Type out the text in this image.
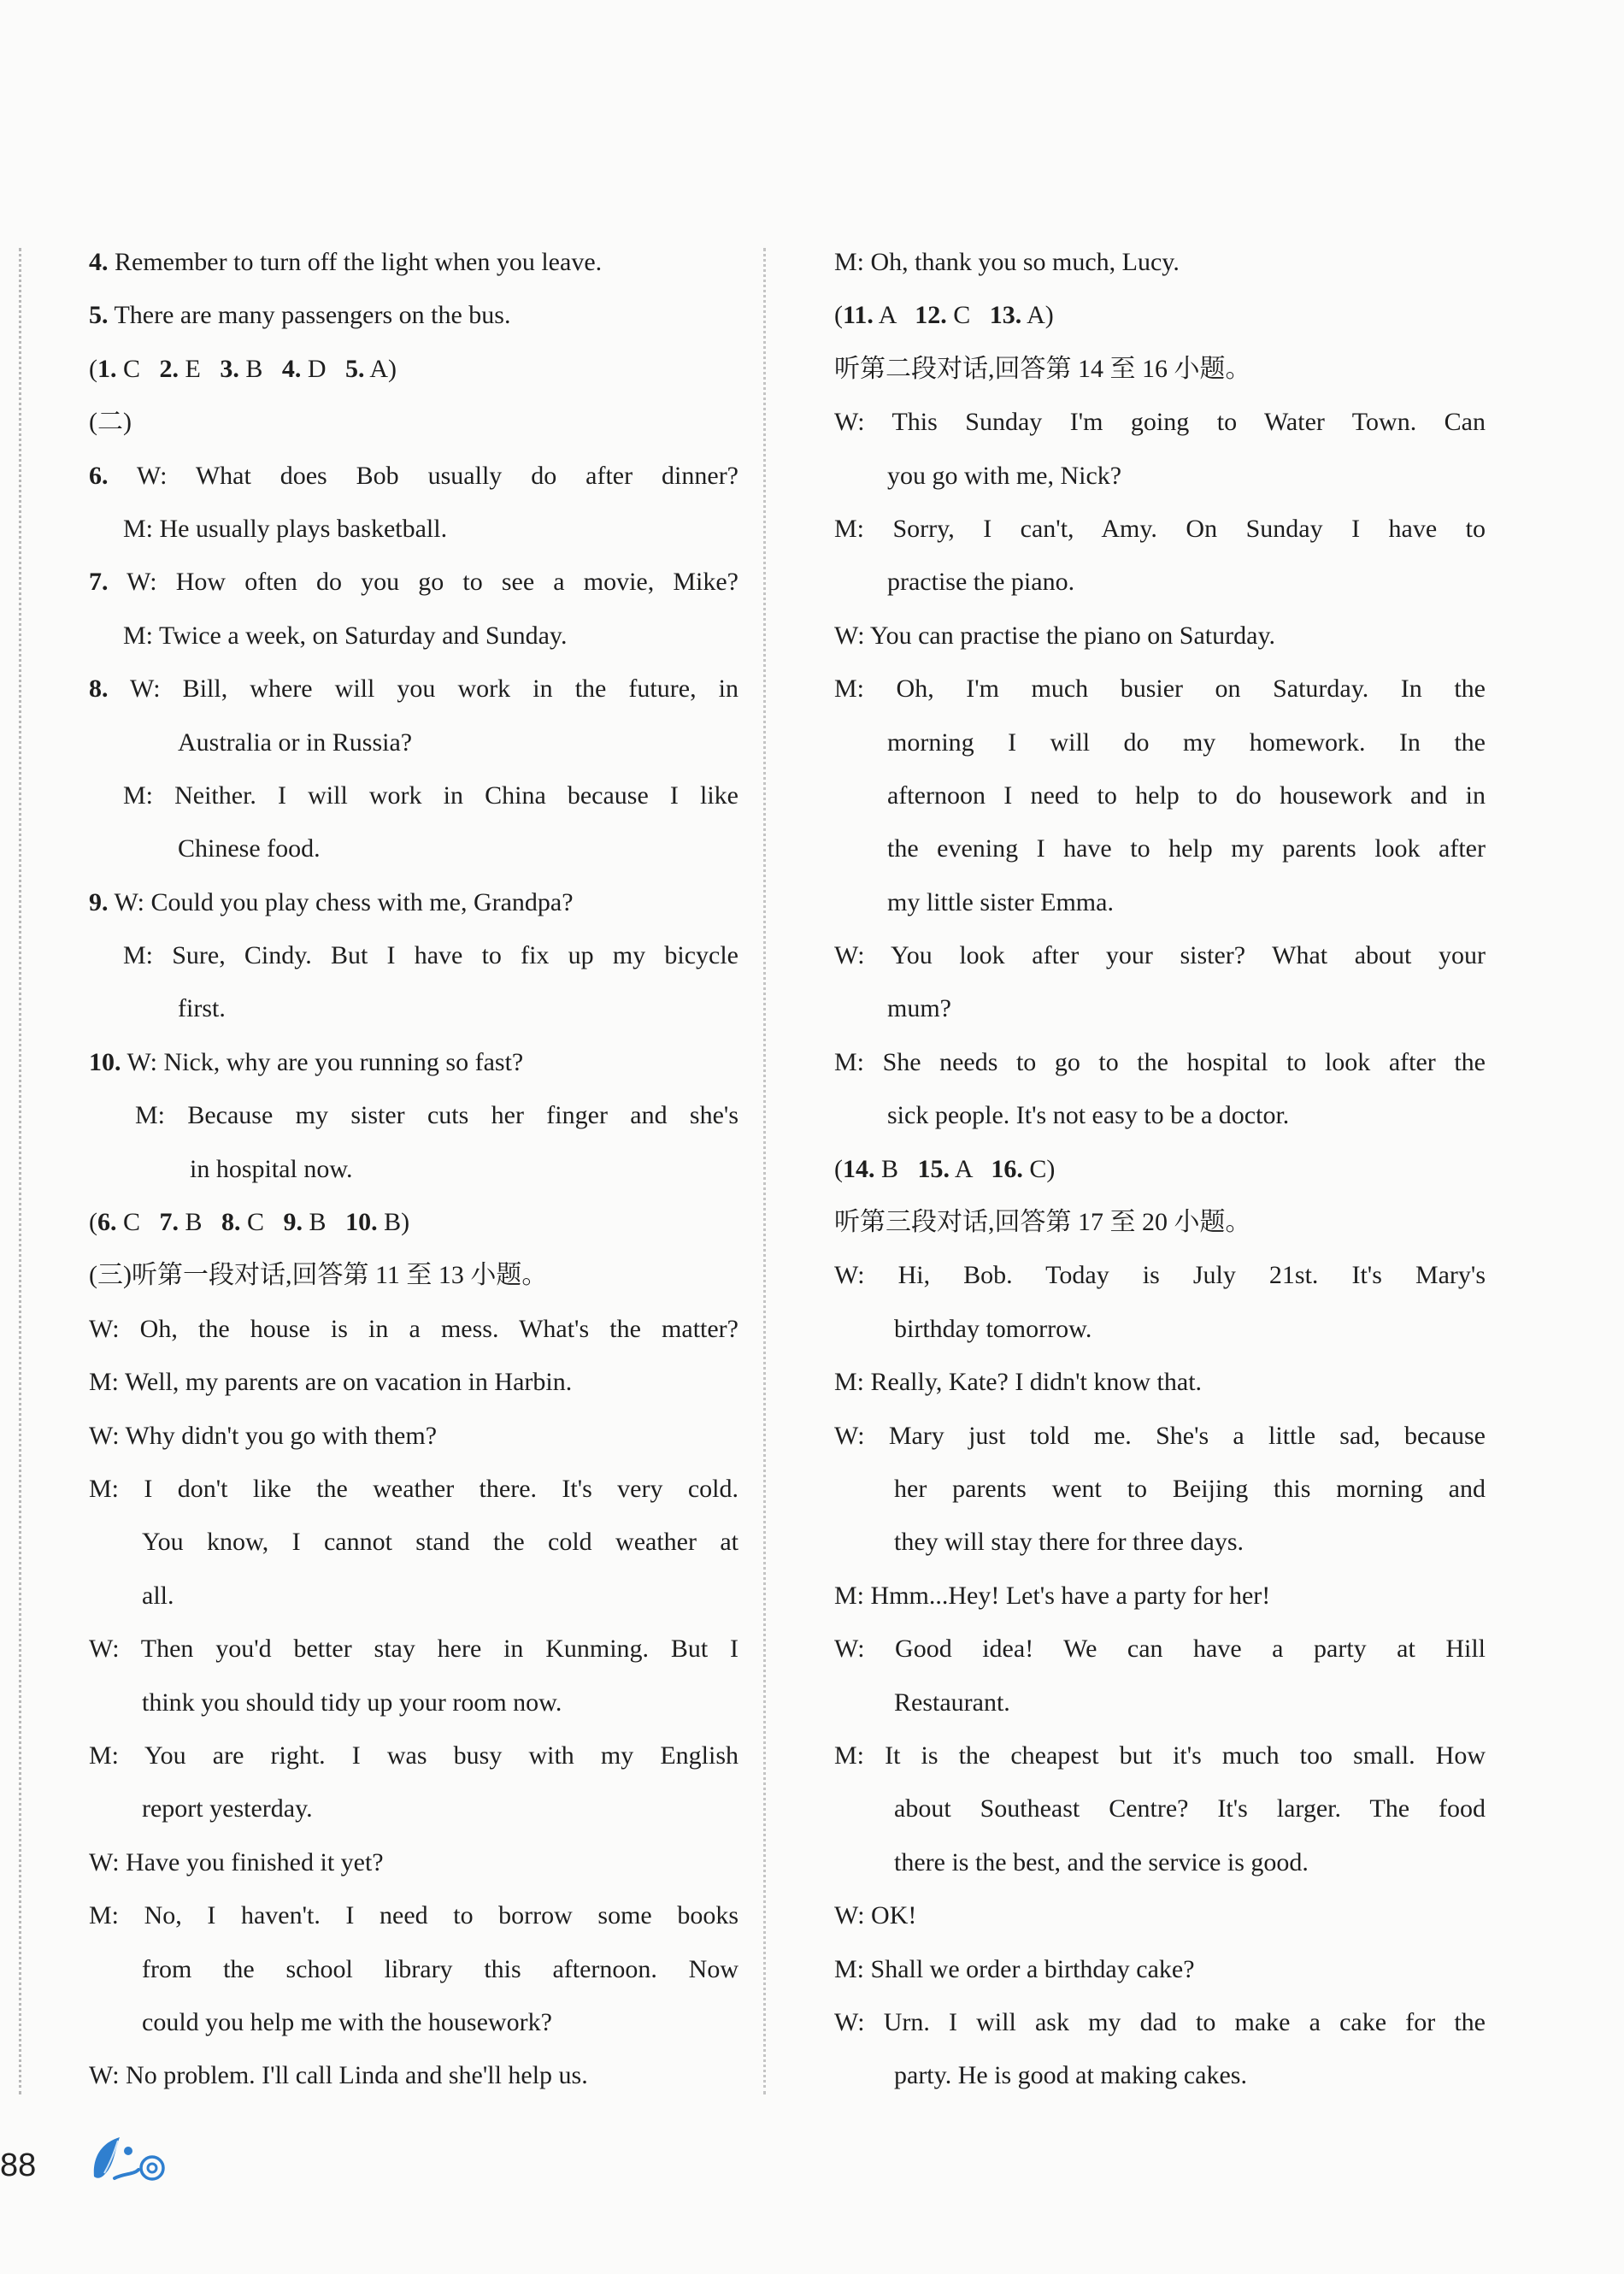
4. Remember to turn off the light when you leave.
5. There are many passengers on the bus.
(1. C   2. E   3. B   4. D   5. A)
(二)
6. W: What does Bob usually do after dinner?
M: He usually plays basketball.
7. W: How often do you go to see a movie, Mike?
M: Twice a week, on Saturday and Sunday.
8. W: Bill, where will you work in the future, in
Australia or in Russia?
M: Neither. I will work in China because I like
Chinese food.
9. W: Could you play chess with me, Grandpa?
M: Sure, Cindy. But I have to fix up my bicycle
first.
10. W: Nick, why are you running so fast?
M: Because my sister cuts her finger and she's
in hospital now.
(6. C   7. B   8. C   9. B   10. B)
(三)听第一段对话,回答第 11 至 13 小题。
W: Oh, the house is in a mess. What's the matter?
M: Well, my parents are on vacation in Harbin.
W: Why didn't you go with them?
M: I don't like the weather there. It's very cold.
You know, I cannot stand the cold weather at
all.
W: Then you'd better stay here in Kunming. But I
think you should tidy up your room now.
M: You are right. I was busy with my English
report yesterday.
W: Have you finished it yet?
M: No, I haven't. I need to borrow some books
from the school library this afternoon. Now
could you help me with the housework?
W: No problem. I'll call Linda and she'll help us.
M: Oh, thank you so much, Lucy.
(11. A   12. C   13. A)
听第二段对话,回答第 14 至 16 小题。
W: This Sunday I'm going to Water Town. Can
you go with me, Nick?
M: Sorry, I can't, Amy. On Sunday I have to
practise the piano.
W: You can practise the piano on Saturday.
M: Oh, I'm much busier on Saturday. In the
morning I will do my homework. In the
afternoon I need to help to do housework and in
the evening I have to help my parents look after
my little sister Emma.
W: You look after your sister? What about your
mum?
M: She needs to go to the hospital to look after the
sick people. It's not easy to be a doctor.
(14. B   15. A   16. C)
听第三段对话,回答第 17 至 20 小题。
W: Hi, Bob. Today is July 21st. It's Mary's
birthday tomorrow.
M: Really, Kate? I didn't know that.
W: Mary just told me. She's a little sad, because
her parents went to Beijing this morning and
they will stay there for three days.
M: Hmm...Hey! Let's have a party for her!
W: Good idea! We can have a party at Hill
Restaurant.
M: It is the cheapest but it's much too small. How
about Southeast Centre? It's larger. The food
there is the best, and the service is good.
W: OK!
M: Shall we order a birthday cake?
W: Urn. I will ask my dad to make a cake for the
party. He is good at making cakes.
88
